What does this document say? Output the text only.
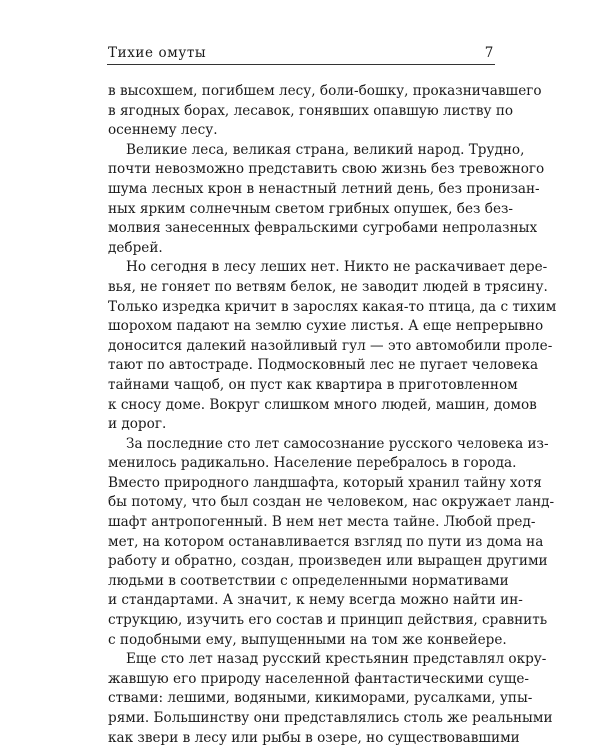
Тихие омуты	7

в высохшем, погибшем лесу, боли-бошку, проказничавшего
в ягодных борах, лесавок, гонявших опавшую листву по
осеннему лесу.

Великие леса, великая страна, великий народ. Трудно,
почти невозможно представить свою жизнь без тревожного
шума лесных крон в ненастный летний день, без пронизан-
ных ярким солнечным светом грибных опушек, без без-
молвия занесенных февральскими сугробами непролазных
дебрей.

Но сегодня в лесу леших нет. Никто не раскачивает дере-
вья, не гоняет по ветвям белок, не заводит людей в трясину.
Только изредка кричит в зарослях какая-то птица, да с тихим
шорохом падают на землю сухие листья. А еще непрерывно
доносится далекий назойливый гул — это автомобили проле-
тают по автостраде. Подмосковный лес не пугает человека
тайнами чащоб, он пуст как квартира в приготовленном
к сносу доме. Вокруг слишком много людей, машин, домов
и дорог.

За последние сто лет самосознание русского человека из-
менилось радикально. Население перебралось в города.
Вместо природного ландшафта, который хранил тайну хотя
бы потому, что был создан не человеком, нас окружает ланд-
шафт антропогенный. В нем нет места тайне. Любой пред-
мет, на котором останавливается взгляд по пути из дома на
работу и обратно, создан, произведен или выращен другими
людьми в соответствии с определенными нормативами
и стандартами. А значит, к нему всегда можно найти ин-
струкцию, изучить его состав и принцип действия, сравнить
с подобными ему, выпущенными на том же конвейере.

Еще сто лет назад русский крестьянин представлял окру-
жавшую его природу населенной фантастическими суще-
ствами: лешими, водяными, кикиморами, русалками, упы-
рями. Большинству они представлялись столь же реальными
как звери в лесу или рыбы в озере, но существовавшими
